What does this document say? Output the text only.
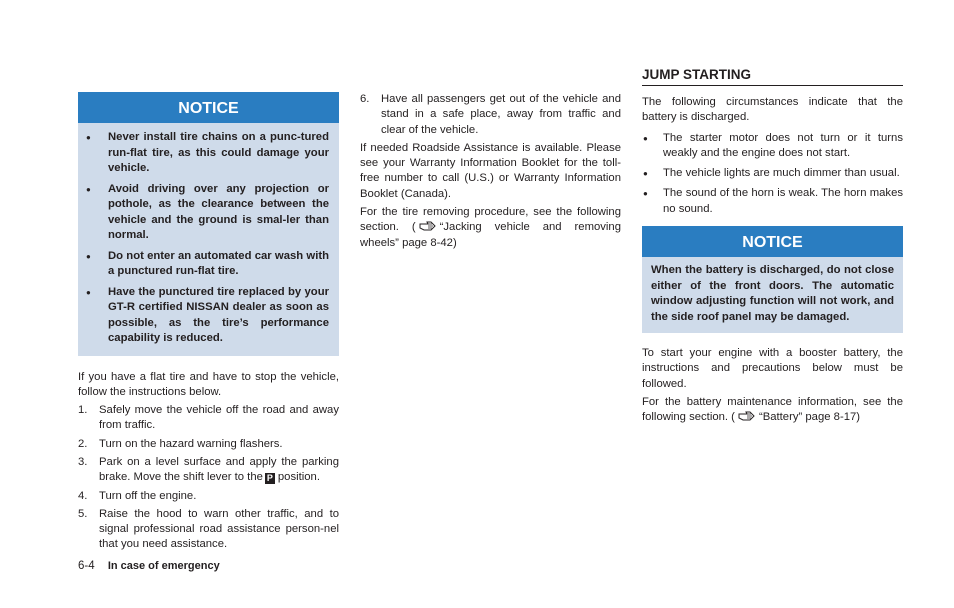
NOTICE
● Never install tire chains on a punc-tured run-flat tire, as this could damage your vehicle.
● Avoid driving over any projection or pothole, as the clearance between the vehicle and the ground is smal-ler than normal.
● Do not enter an automated car wash with a punctured run-flat tire.
● Have the punctured tire replaced by your GT-R certified NISSAN dealer as soon as possible, as the tire’s performance capability is reduced.

If you have a flat tire and have to stop the vehicle, follow the instructions below.

1. Safely move the vehicle off the road and away from traffic.
2. Turn on the hazard warning flashers.
3. Park on a level surface and apply the parking brake. Move the shift lever to the P position.
4. Turn off the engine.
5. Raise the hood to warn other traffic, and to signal professional road assistance person-nel that you need assistance.
6. Have all passengers get out of the vehicle and stand in a safe place, away from traffic and clear of the vehicle.

If needed Roadside Assistance is available. Please see your Warranty Information Booklet for the toll-free number to call (U.S.) or Warranty Information Booklet (Canada).

For the tire removing procedure, see the following section. ( “Jacking vehicle and removing wheels” page 8-42)

JUMP STARTING

The following circumstances indicate that the battery is discharged.

● The starter motor does not turn or it turns weakly and the engine does not start.
● The vehicle lights are much dimmer than usual.
● The sound of the horn is weak. The horn makes no sound.
NOTICE

When the battery is discharged, do not close either of the front doors. The automatic window adjusting function will not work, and the side roof panel may be damaged.

To start your engine with a booster battery, the instructions and precautions below must be followed.

For the battery maintenance information, see the following section. ( “Battery” page 8-17)

6-4 In case of emergency
